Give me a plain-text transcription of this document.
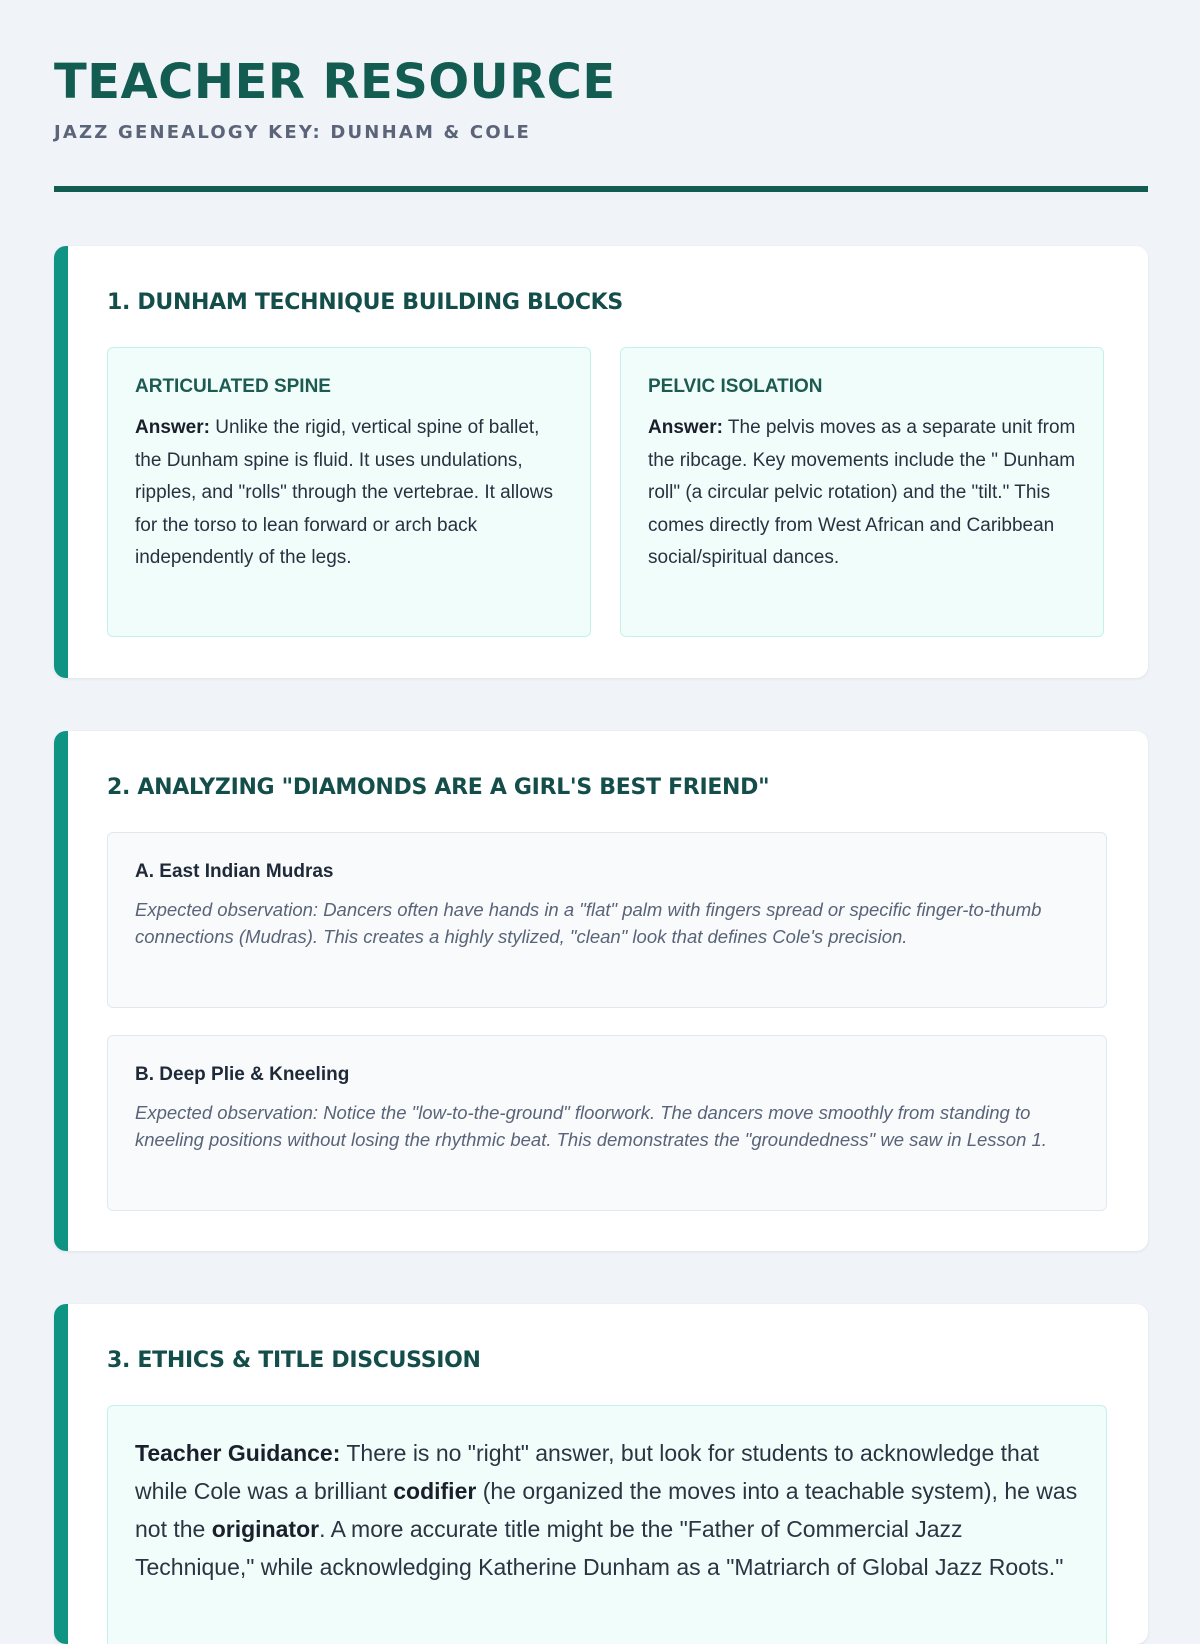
TEACHER RESOURCE
JAZZ GENEALOGY KEY: DUNHAM & COLE
1. DUNHAM TECHNIQUE BUILDING BLOCKS
ARTICULATED SPINE

Answer: Unlike the rigid, vertical spine of ballet, the Dunham spine is fluid. It uses undulations, ripples, and "rolls" through the vertebrae. It allows for the torso to lean forward or arch back independently of the legs.

PELVIC ISOLATION

Answer: The pelvis moves as a separate unit from the ribcage. Key movements include the " Dunham roll" (a circular pelvic rotation) and the "tilt." This comes directly from West African and Caribbean social/spiritual dances.

2. ANALYZING "DIAMONDS ARE A GIRL'S BEST FRIEND"
A. East Indian Mudras

Expected observation: Dancers often have hands in a "flat" palm with fingers spread or specific finger-to-thumb connections (Mudras). This creates a highly stylized, "clean" look that defines Cole's precision.

B. Deep Plie & Kneeling

Expected observation: Notice the "low-to-the-ground" floorwork. The dancers move smoothly from standing to kneeling positions without losing the rhythmic beat. This demonstrates the "groundedness" we saw in Lesson 1.

3. ETHICS & TITLE DISCUSSION

Teacher Guidance: There is no "right" answer, but look for students to acknowledge that while Cole was a brilliant codifier (he organized the moves into a teachable system), he was not the originator. A more accurate title might be the "Father of Commercial Jazz Technique," while acknowledging Katherine Dunham as a "Matriarch of Global Jazz Roots."
